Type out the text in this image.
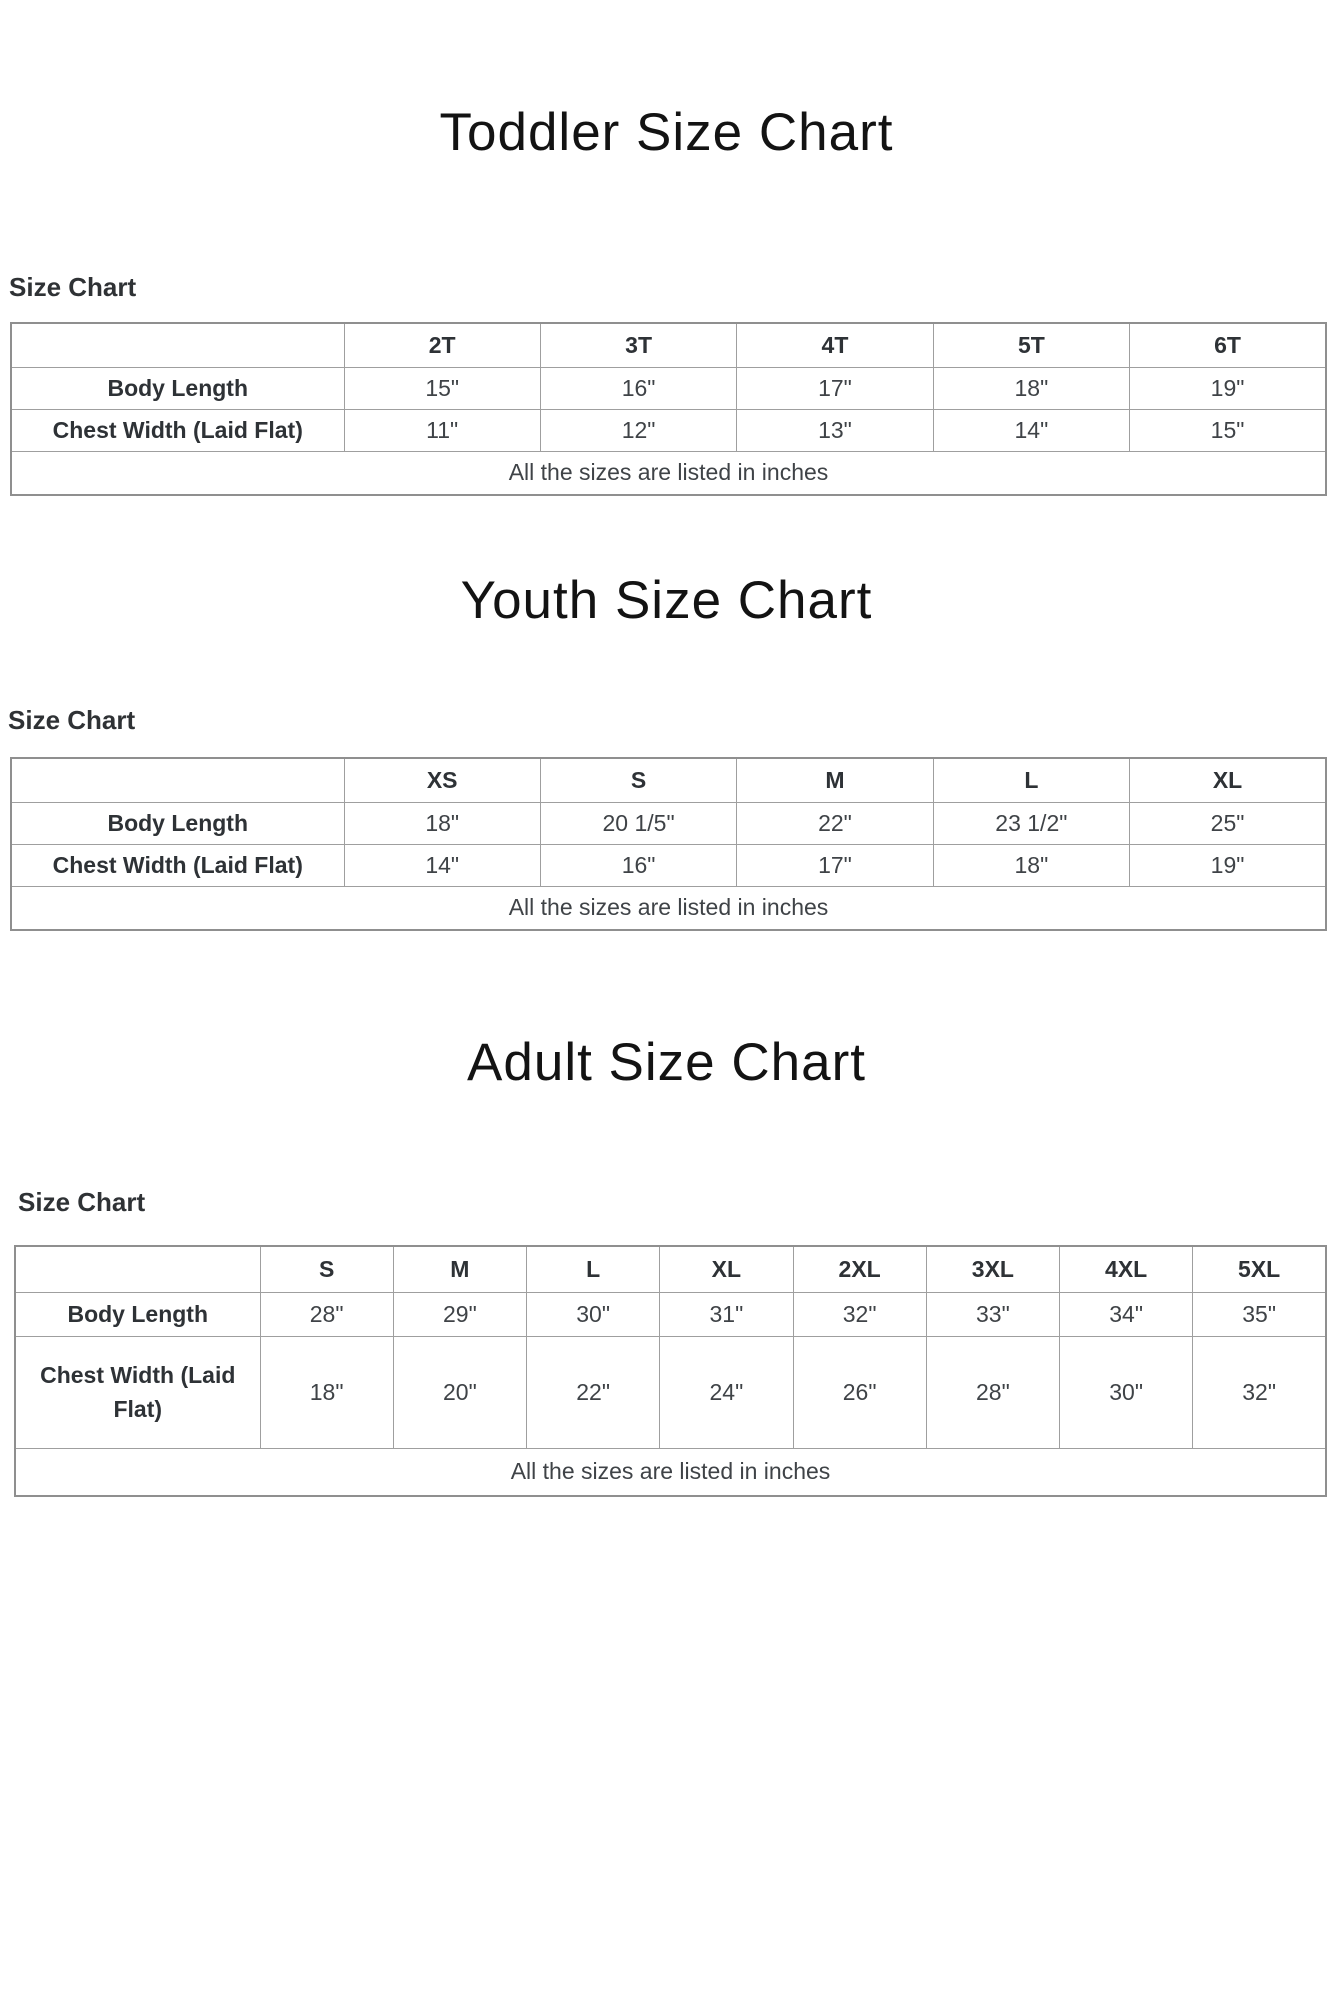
Toddler Size Chart
Size Chart
	2T	3T	4T	5T	6T
Body Length	15"	16"	17"	18"	19"
Chest Width (Laid Flat)	11"	12"	13"	14"	15"
All the sizes are listed in inches					
Youth Size Chart
Size Chart
	XS	S	M	L	XL
Body Length	18"	20 1/5"	22"	23 1/2"	25"
Chest Width (Laid Flat)	14"	16"	17"	18"	19"
All the sizes are listed in inches					
Adult Size Chart
Size Chart
	S	M	L	XL	2XL	3XL	4XL	5XL
Body Length	28"	29"	30"	31"	32"	33"	34"	35"
Chest Width (Laid Flat)	18"	20"	22"	24"	26"	28"	30"	32"
All the sizes are listed in inches								
